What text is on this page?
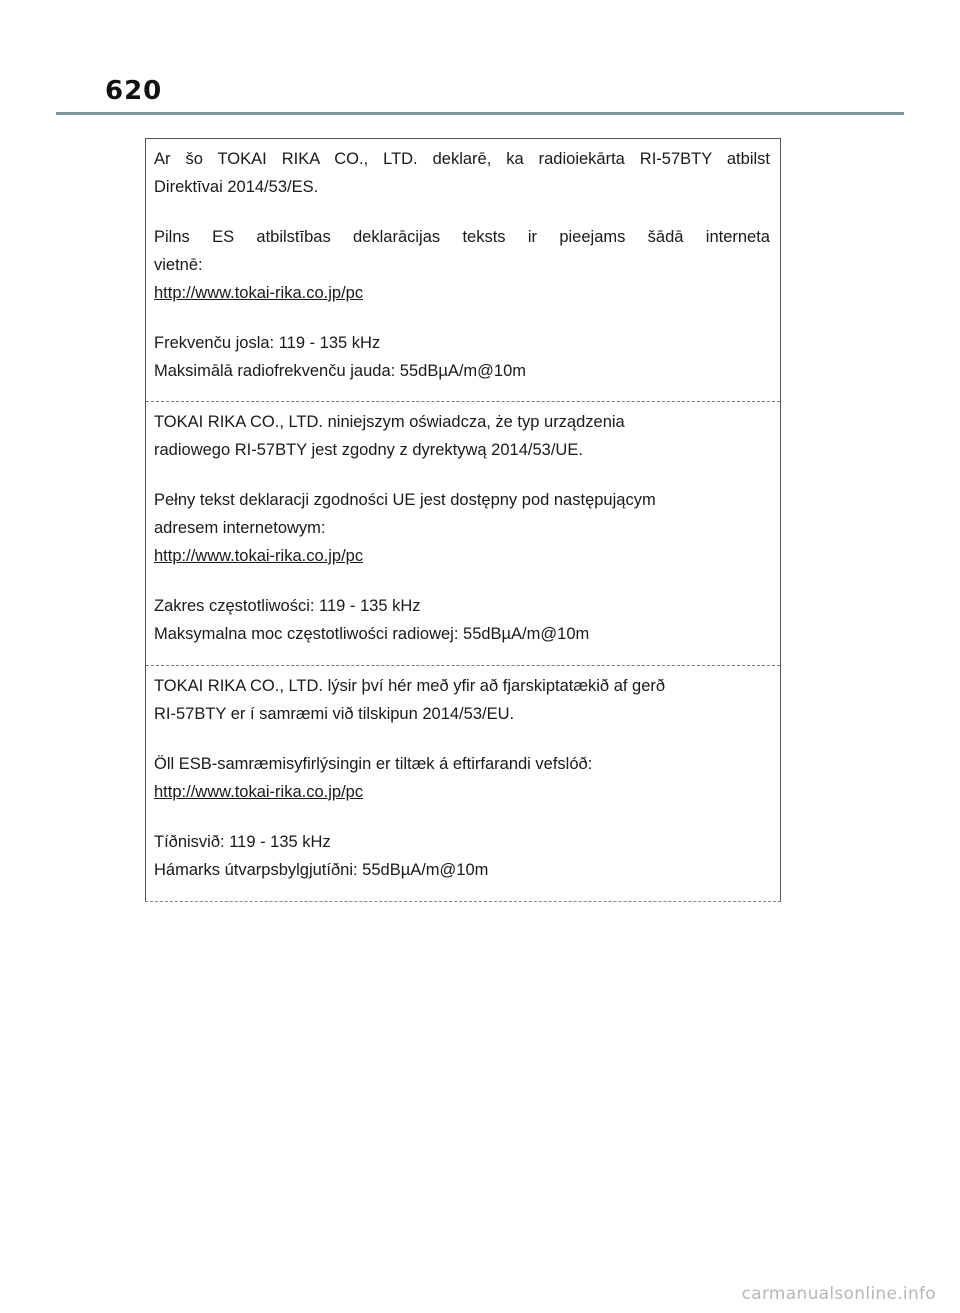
620

Ar šo TOKAI RIKA CO., LTD. deklarē, ka radioiekārta RI-57BTY atbilst

Direktīvai 2014/53/ES.

Pilns ES atbilstības deklarācijas teksts ir pieejams šādā interneta

vietnē:

http://www.tokai-rika.co.jp/pc

Frekvenču josla: 119 - 135 kHz

Maksimālā radiofrekvenču jauda: 55dBµA/m@10m

TOKAI RIKA CO., LTD. niniejszym oświadcza, że typ urządzenia

radiowego RI-57BTY jest zgodny z dyrektywą 2014/53/UE.

Pełny tekst deklaracji zgodności UE jest dostępny pod następującym

adresem internetowym:

http://www.tokai-rika.co.jp/pc

Zakres częstotliwości: 119 - 135 kHz

Maksymalna moc częstotliwości radiowej: 55dBµA/m@10m

TOKAI RIKA CO., LTD. lýsir því hér með yfir að fjarskiptatækið af gerð

RI-57BTY er í samræmi við tilskipun 2014/53/EU.

Öll ESB-samræmisyfirlýsingin er tiltæk á eftirfarandi vefslóð:

http://www.tokai-rika.co.jp/pc

Tíðnisvið: 119 - 135 kHz

Hámarks útvarpsbylgjutíðni: 55dBµA/m@10m

carmanualsonline.info
